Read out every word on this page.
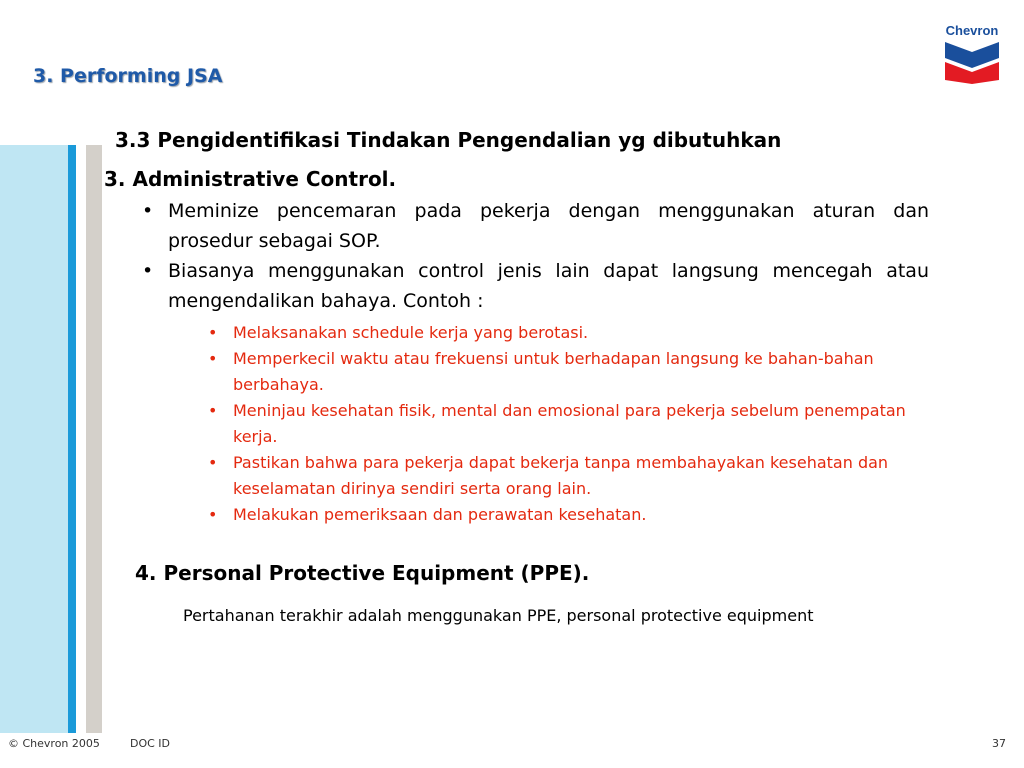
3. Performing JSA
Chevron
3.3 Pengidentifikasi Tindakan Pengendalian yg dibutuhkan
3. Administrative Control.
• Meminize pencemaran pada pekerja dengan menggunakan aturan dan prosedur sebagai SOP.
• Biasanya menggunakan control jenis lain dapat langsung mencegah atau mengendalikan bahaya. Contoh :
• Melaksanakan schedule kerja yang berotasi.
• Memperkecil waktu atau frekuensi untuk berhadapan langsung ke bahan-bahan berbahaya.
• Meninjau kesehatan fisik, mental dan emosional para pekerja sebelum penempatan kerja.
• Pastikan bahwa para pekerja dapat bekerja tanpa membahayakan kesehatan dan keselamatan dirinya sendiri serta orang lain.
• Melakukan pemeriksaan dan perawatan kesehatan.
4. Personal Protective Equipment (PPE).
Pertahanan terakhir adalah menggunakan PPE, personal protective equipment
© Chevron 2005	DOC ID	37
